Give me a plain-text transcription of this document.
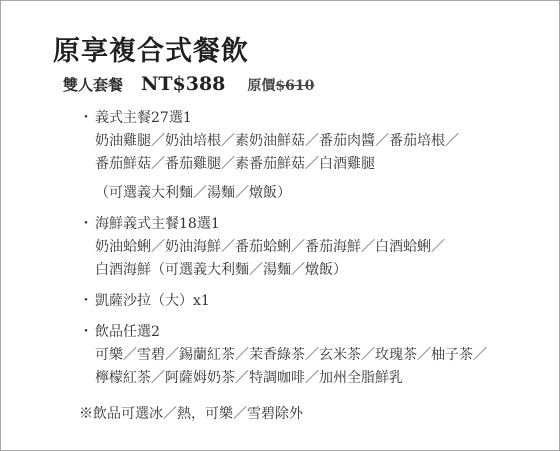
原享複合式餐飲
雙人套餐 NT$388 原價 $610
・ 義式主餐27選1
奶油雞腿／奶油培根／素奶油鮮菇／番茄肉醬／番茄培根／
番茄鮮菇／番茄雞腿／素番茄鮮菇／白酒雞腿
（可選義大利麵／湯麵／燉飯）
・ 海鮮義式主餐18選1
奶油蛤蜊／奶油海鮮／番茄蛤蜊／番茄海鮮／白酒蛤蜊／
白酒海鮮（可選義大利麵／湯麵／燉飯）
・ 凱薩沙拉（大）x1
・ 飲品任選2
可樂／雪碧／錫蘭紅茶／茉香綠茶／玄米茶／玫瑰茶／柚子茶／
檸檬紅茶／阿薩姆奶茶／特調咖啡／加州全脂鮮乳
※飲品可選冰／熱，可樂／雪碧除外
